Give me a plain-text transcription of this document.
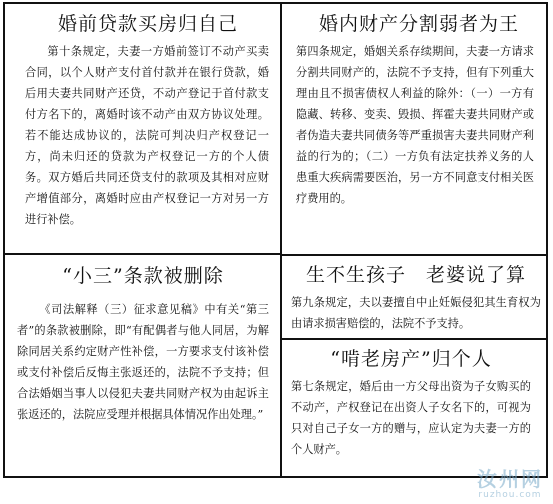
婚前贷款买房归自己

第十条规定，夫妻一方婚前签订不动产买卖合同，以个人财产支付首付款并在银行贷款，婚后用夫妻共同财产还贷，不动产登记于首付款支付方名下的，离婚时该不动产由双方协议处理。若不能达成协议的，法院可判决归产权登记一方，尚未归还的贷款为产权登记一方的个人债务。双方婚后共同还贷支付的款项及其相对应财产增值部分，离婚时应由产权登记一方对另一方进行补偿。

婚内财产分割弱者为王

第四条规定，婚姻关系存续期间，夫妻一方请求分割共同财产的，法院不予支持，但有下列重大理由且不损害债权人利益的除外：（一）一方有隐藏、转移、变卖、毁损、挥霍夫妻共同财产或者伪造夫妻共同债务等严重损害夫妻共同财产利益的行为的；（二）一方负有法定扶养义务的人患重大疾病需要医治，另一方不同意支付相关医疗费用的。

“小三”条款被删除

《司法解释（三）征求意见稿》中有关“第三者”的条款被删除，即“有配偶者与他人同居，为解除同居关系约定财产性补偿，一方要求支付该补偿或支付补偿后反悔主张返还的，法院不予支持；但合法婚姻当事人以侵犯夫妻共同财产权为由起诉主张返还的，法院应受理并根据具体情况作出处理。”

生不生孩子　老婆说了算

第九条规定，夫以妻擅自中止妊娠侵犯其生育权为由请求损害赔偿的，法院不予支持。

“啃老房产”归个人

第七条规定，婚后由一方父母出资为子女购买的不动产，产权登记在出资人子女名下的，可视为只对自己子女一方的赠与，应认定为夫妻一方的个人财产。

汝州网
ruzhou.com
